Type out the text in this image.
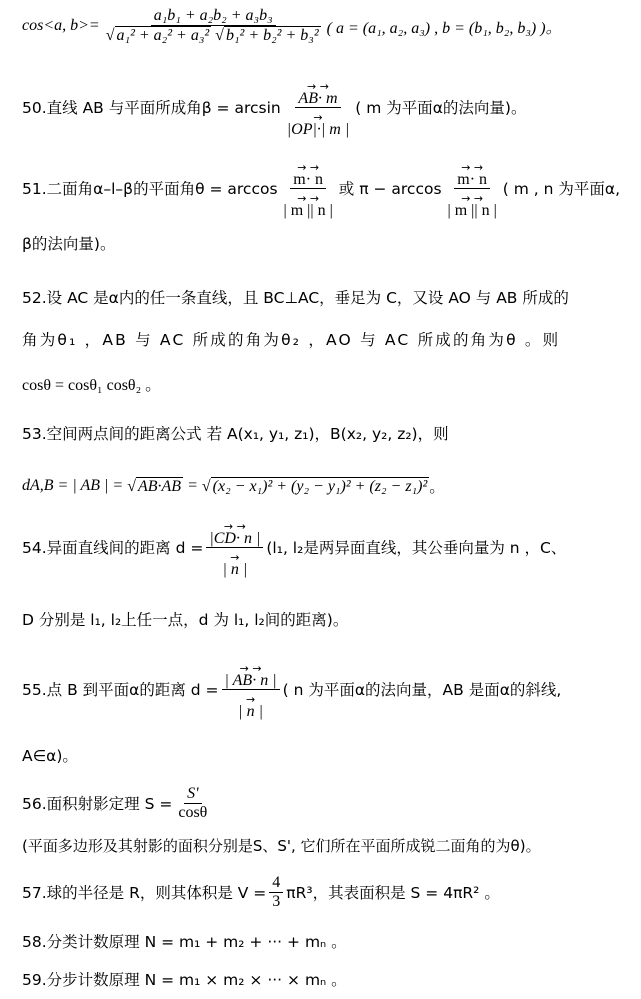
cos<a, $b>= \frac{\text{a₁b₁ + a₂b₂ + a₃b₃}}{\text{√ a₁² + a₂² + a₃² √ b₁² + b₂² + b₃²}}$ ( a = (a₁, a₂, a₃) , b = (b₁, b₂, b₃) )。
50.直线 AB 与平面所成角β = arcsin → →
AB· m
→
|OP|·| m | ( m 为平面α的法向量)。
51.二面角α–l–β的平面角θ = arccos → →
m· n
→ →
| m || n | 或 π − arccos → →
m· n
→ →
| m || n | ( m , n 为平面α,
β的法向量)。
52.设 AC 是α内的任一条直线，且 BC⊥AC，垂足为 C，又设 AO 与 AB 所成的
角为θ₁ ，AB 与 AC 所成的角为θ₂ ，AO 与 AC 所成的角为θ 。则
cosθ = cosθ₁ cosθ₂ 。
53.空间两点间的距离公式 若 A(x₁, y₁, z₁)，B(x₂, y₂, z₂)，则
dA,B = | AB | = √ AB·AB = √ (x₂ − x₁)² + (y₂ − y₁)² + (z₂ − z₁)² 。
54.异面直线间的距离 d = → →
|CD· n |
→
| n | (l₁, l₂是两异面直线，其公垂向量为 n ，C、
D 分别是 l₁, l₂上任一点，d 为 l₁, l₂间的距离)。
55.点 B 到平面α的距离 d = → →
| AB· n |
→
| n | ( n 为平面α的法向量，AB 是面α的斜线,
A∈α)。
56.面积射影定理 $S = \frac{S'}{\cos\theta}$
(平面多边形及其射影的面积分别是S、S', 它们所在平面所成锐二面角的为θ)。
57.球的半径是 R，则其体积是 $V = \frac{4}{3} \pi R^3$，其表面积是 S = 4πR² 。
58.分类计数原理 N = m₁ + m₂ + ··· + mₙ 。
59.分步计数原理 N = m₁ × m₂ × ··· × mₙ 。
